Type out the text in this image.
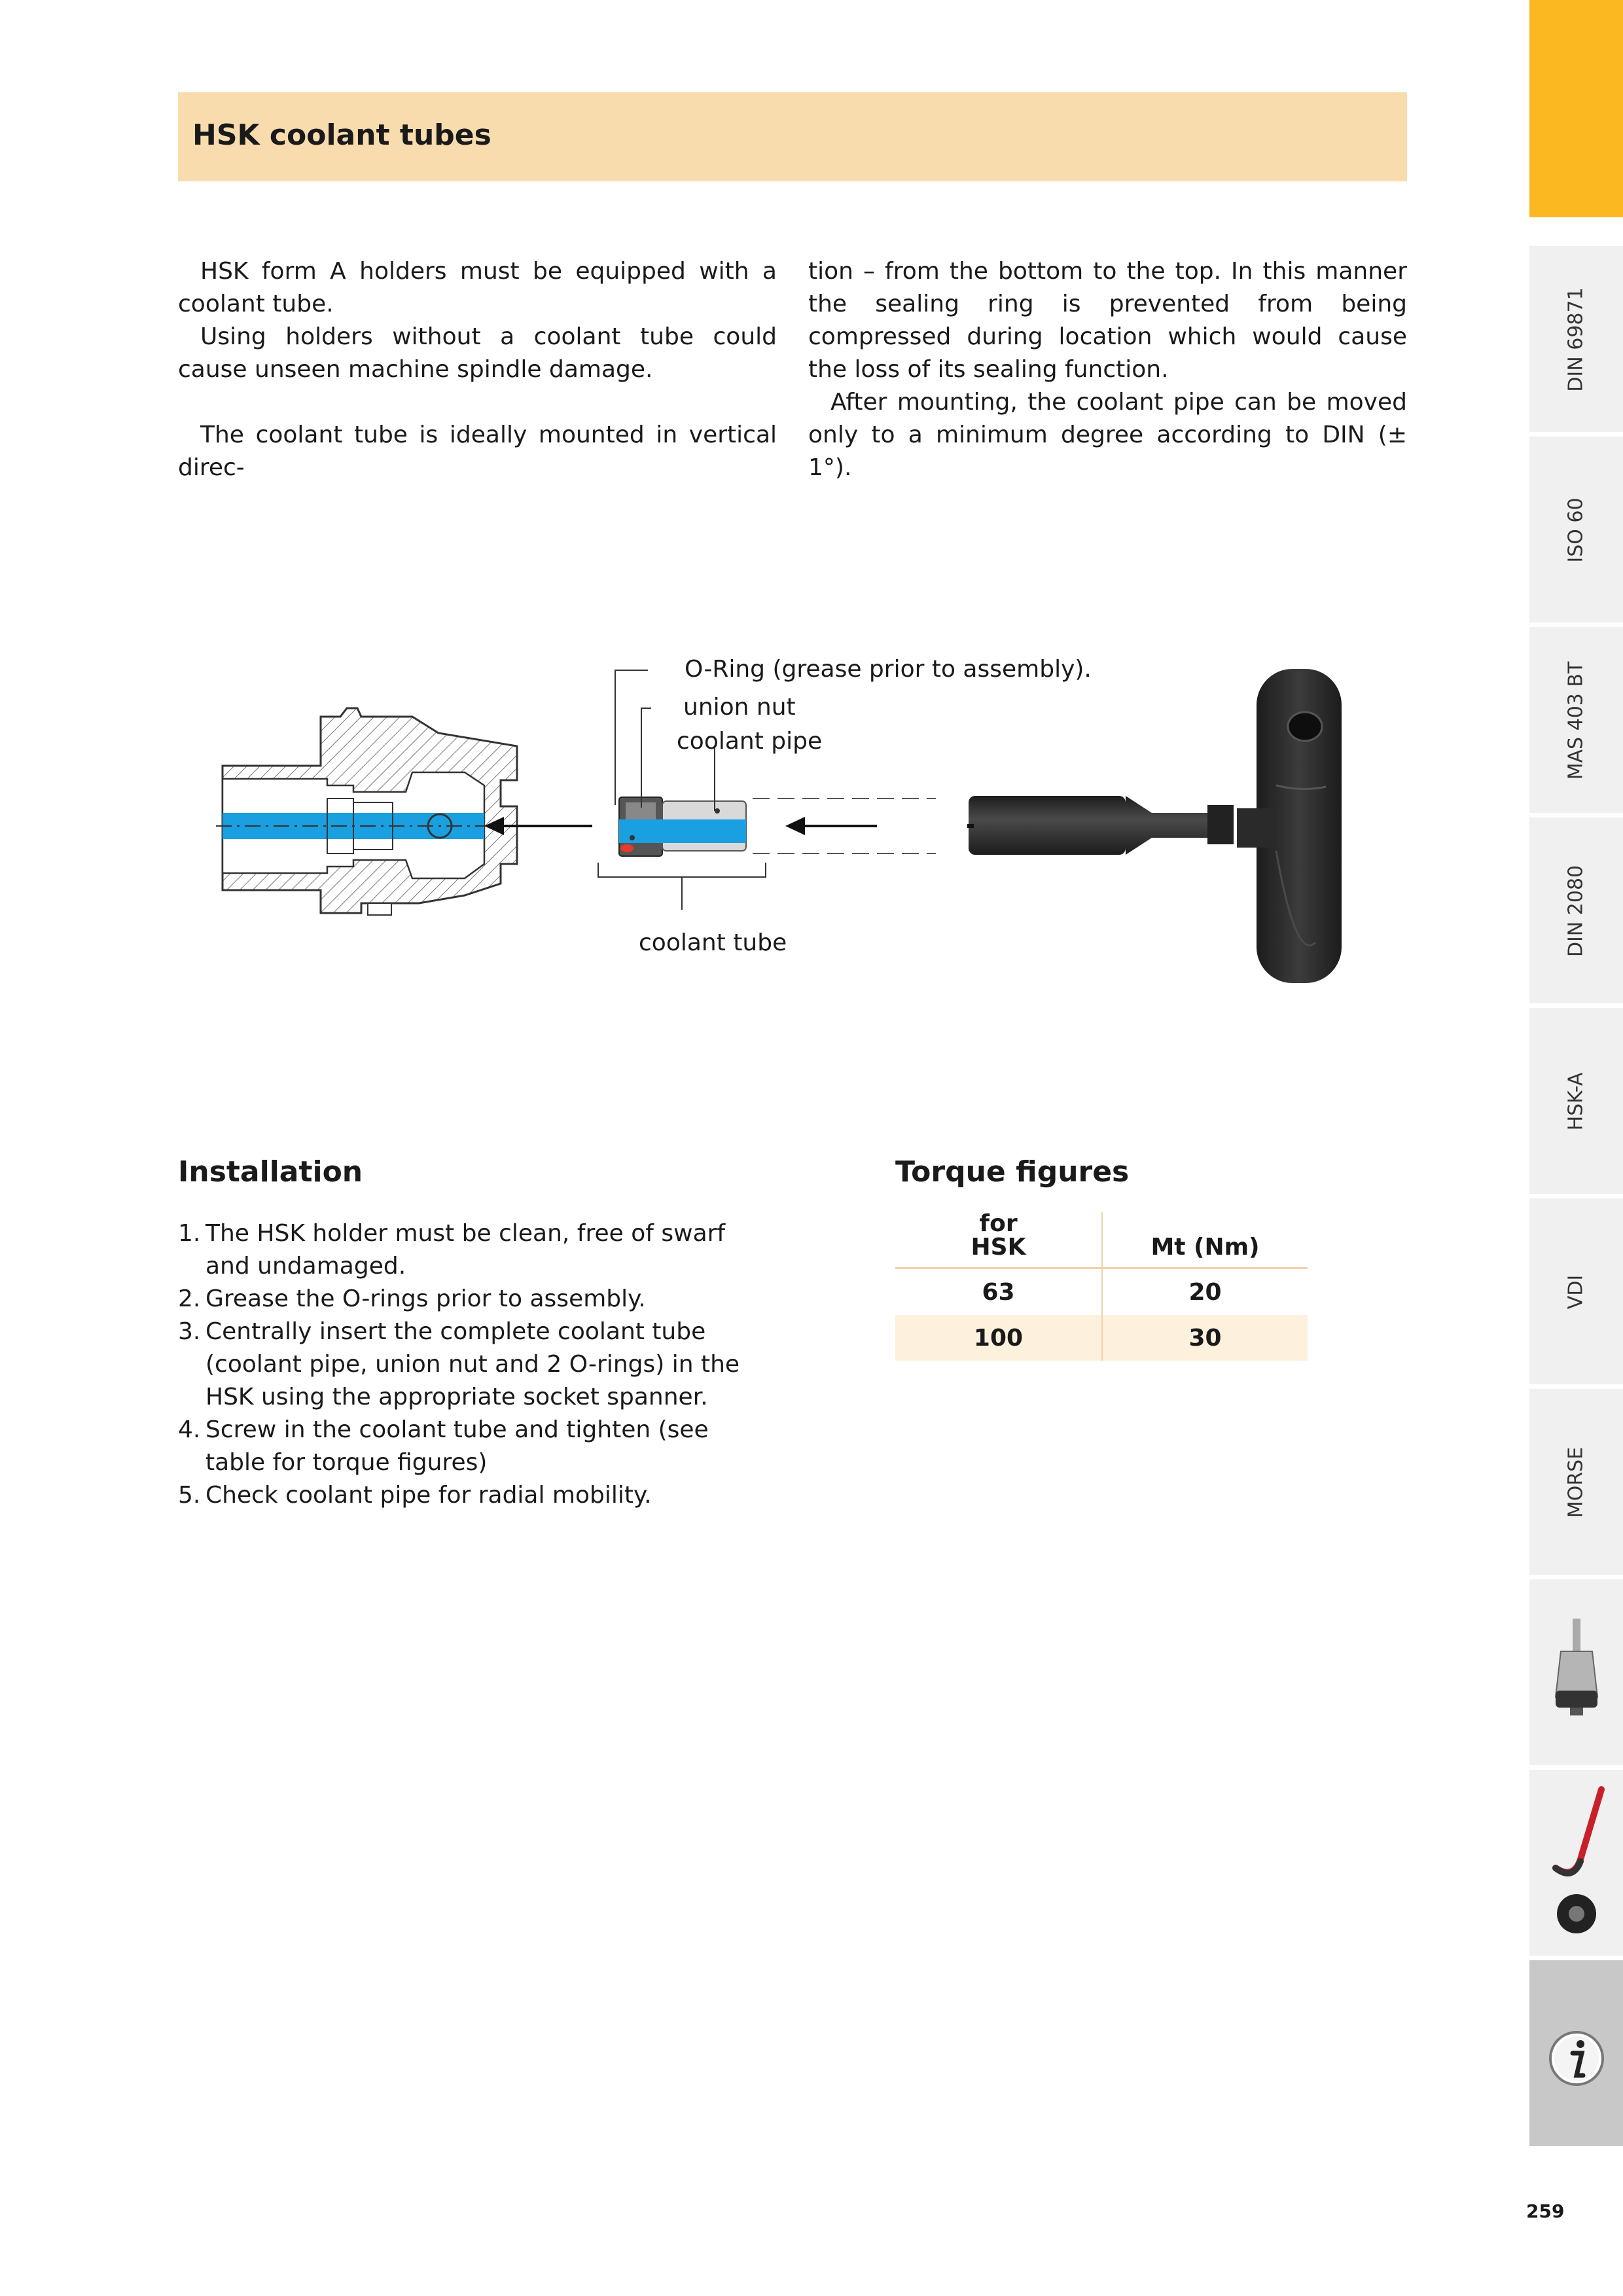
HSK coolant tubes

HSK form A holders must be equipped with a coolant tube.

Using holders without a coolant tube could cause unseen machine spindle damage.

The coolant tube is ideally mounted in vertical direc-

tion – from the bottom to the top. In this manner the sealing ring is prevented from being compressed during location which would cause the loss of its sealing function.

After mounting, the coolant pipe can be moved only to a minimum degree according to DIN (± 1°).

O-Ring (grease prior to assembly).
union nut
coolant pipe
coolant tube
Installation
1. The HSK holder must be clean, free of swarf and undamaged.
2. Grease the O-rings prior to assembly.
3. Centrally insert the complete coolant tube (coolant pipe, union nut and 2 O-rings) in the HSK using the appropriate socket spanner.
4. Screw in the coolant tube and tighten (see table for torque figures)
5. Check coolant pipe for radial mobility.
Torque figures
for
HSK	Mt (Nm)
63	20
100	30
DIN 69871
ISO 60
MAS 403 BT
DIN 2080
HSK-A
VDI
MORSE
259
